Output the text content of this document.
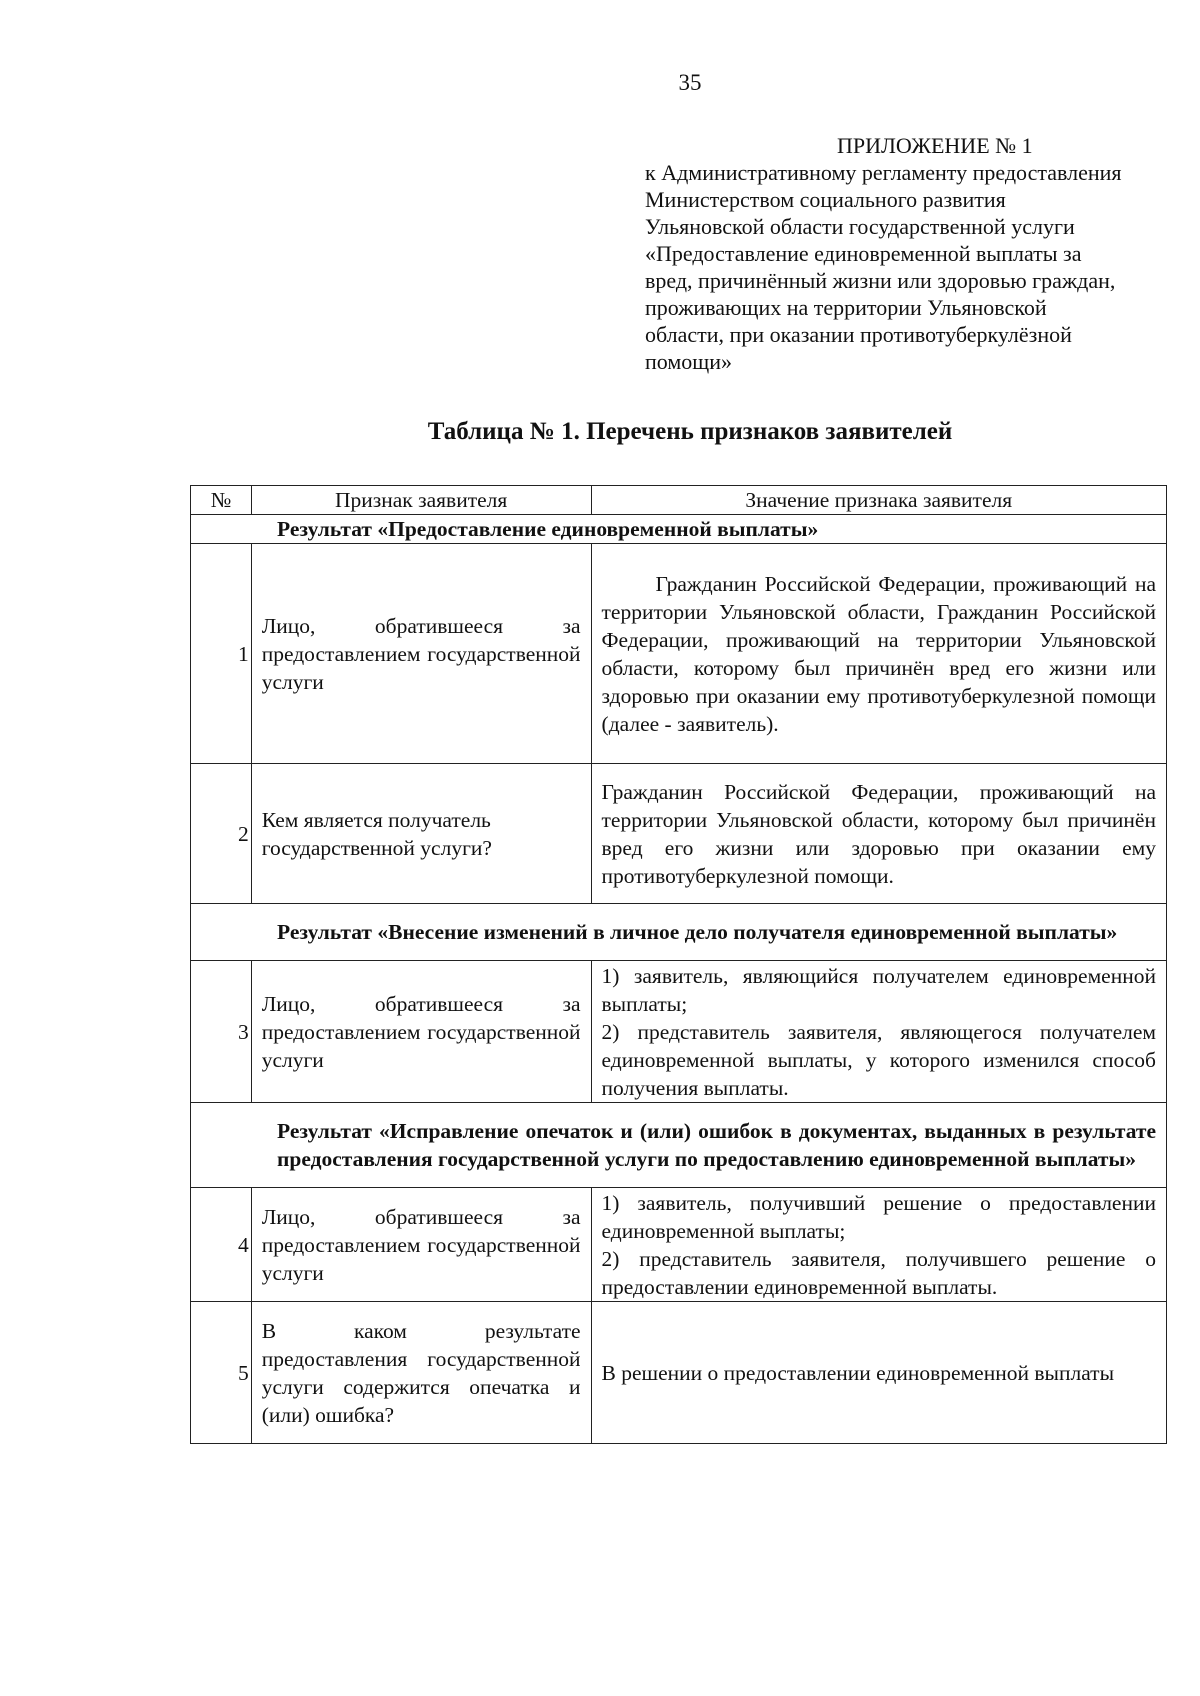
35
ПРИЛОЖЕНИЕ № 1
к Административному регламенту предоставления
Министерством социального развития
Ульяновской области государственной услуги
«Предоставление единовременной выплаты за
вред, причинённый жизни или здоровью граждан,
проживающих на территории Ульяновской
области, при оказании противотуберкулёзной
помощи»
Таблица № 1. Перечень признаков заявителей
№	Признак заявителя	Значение признака заявителя
Результат «Предоставление единовременной выплаты»		
1	Лицо, обратившееся за предоставлением государственной услуги	Гражданин Российской Федерации, проживающий на территории Ульяновской области, Гражданин Российской Федерации, проживающий на территории Ульяновской области, которому был причинён вред его жизни или здоровью при оказании ему противотуберкулезной помощи (далее - заявитель).

2	Кем является получатель государственной услуги?	Гражданин Российской Федерации, проживающий на территории Ульяновской области, которому был причинён вред его жизни или здоровью при оказании ему противотуберкулезной помощи.
Результат «Внесение изменений в личное дело получателя единовременной выплаты»		
3	Лицо, обратившееся за предоставлением государственной услуги	1) заявитель, являющийся получателем единовременной выплаты;
2) представитель заявителя, являющегося получателем единовременной выплаты, у которого изменился способ получения выплаты.

Результат «Исправление опечаток и (или) ошибок в документах, выданных в результате предоставления государственной услуги по предоставлению единовременной выплаты»		
4	Лицо, обратившееся за предоставлением государственной услуги	1) заявитель, получивший решение о предоставлении единовременной выплаты;
2) представитель заявителя, получившего решение о предоставлении единовременной выплаты.

5	В каком результате предоставления государственной услуги содержится опечатка и (или) ошибка?	В решении о предоставлении единовременной выплаты
